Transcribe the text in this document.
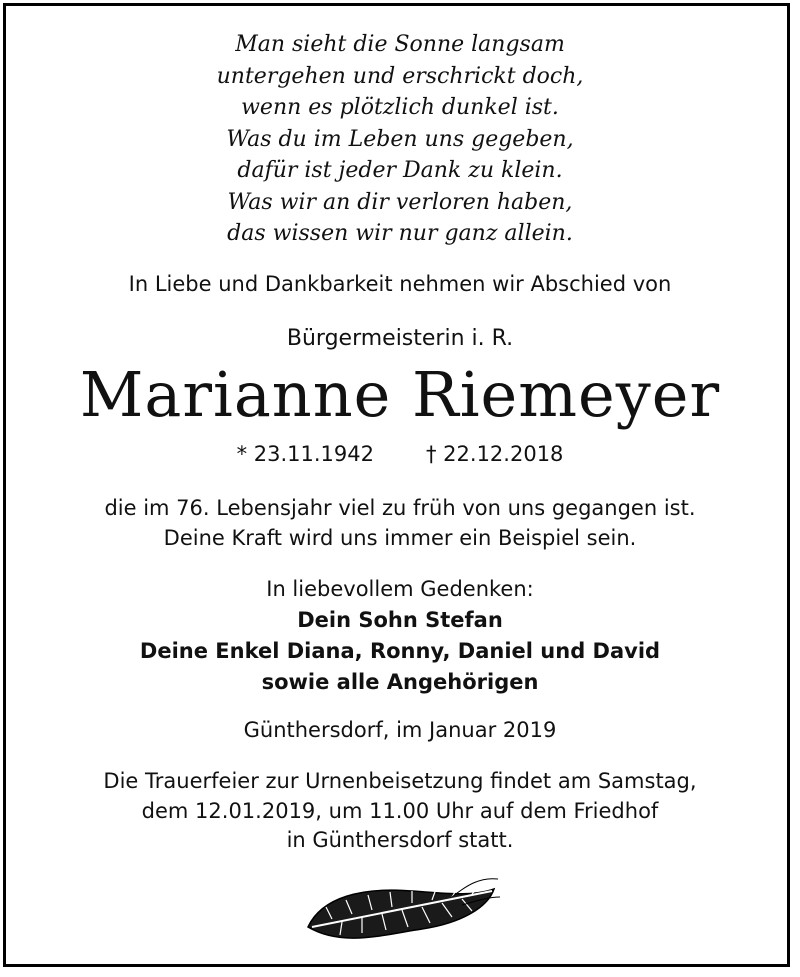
Man sieht die Sonne langsam
untergehen und erschrickt doch,
wenn es plötzlich dunkel ist.
Was du im Leben uns gegeben,
dafür ist jeder Dank zu klein.
Was wir an dir verloren haben,
das wissen wir nur ganz allein.
In Liebe und Dankbarkeit nehmen wir Abschied von
Bürgermeisterin i. R.
Marianne Riemeyer
* 23.11.1942 † 22.12.2018
die im 76. Lebensjahr viel zu früh von uns gegangen ist.
Deine Kraft wird uns immer ein Beispiel sein.
In liebevollem Gedenken:
Dein Sohn Stefan
Deine Enkel Diana, Ronny, Daniel und David
sowie alle Angehörigen
Günthersdorf, im Januar 2019
Die Trauerfeier zur Urnenbeisetzung findet am Samstag,
dem 12.01.2019, um 11.00 Uhr auf dem Friedhof
in Günthersdorf statt.
